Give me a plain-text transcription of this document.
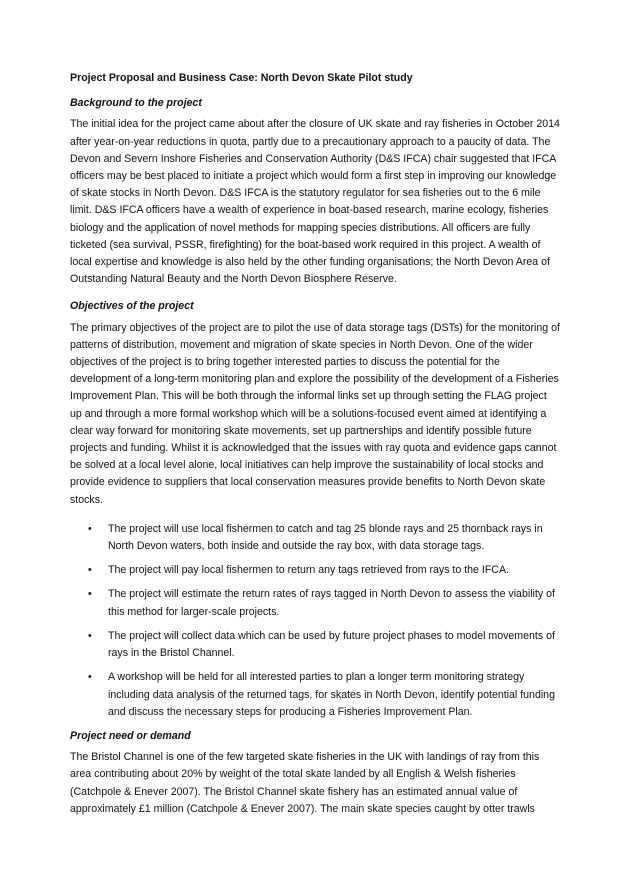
Project Proposal and Business Case: North Devon Skate Pilot study
Background to the project

The initial idea for the project came about after the closure of UK skate and ray fisheries in October 2014 after year-on-year reductions in quota, partly due to a precautionary approach to a paucity of data. The Devon and Severn Inshore Fisheries and Conservation Authority (D&S IFCA) chair suggested that IFCA officers may be best placed to initiate a project which would form a first step in improving our knowledge of skate stocks in North Devon. D&S IFCA is the statutory regulator for sea fisheries out to the 6 mile limit. D&S IFCA officers have a wealth of experience in boat-based research, marine ecology, fisheries biology and the application of novel methods for mapping species distributions. All officers are fully ticketed (sea survival, PSSR, firefighting) for the boat-based work required in this project. A wealth of local expertise and knowledge is also held by the other funding organisations; the North Devon Area of Outstanding Natural Beauty and the North Devon Biosphere Reserve.

Objectives of the project

The primary objectives of the project are to pilot the use of data storage tags (DSTs) for the monitoring of patterns of distribution, movement and migration of skate species in North Devon. One of the wider objectives of the project is to bring together interested parties to discuss the potential for the development of a long-term monitoring plan and explore the possibility of the development of a Fisheries Improvement Plan. This will be both through the informal links set up through setting the FLAG project up and through a more formal workshop which will be a solutions-focused event aimed at identifying a clear way forward for monitoring skate movements, set up partnerships and identify possible future projects and funding. Whilst it is acknowledged that the issues with ray quota and evidence gaps cannot be solved at a local level alone, local initiatives can help improve the sustainability of local stocks and provide evidence to suppliers that local conservation measures provide benefits to North Devon skate stocks.

• The project will use local fishermen to catch and tag 25 blonde rays and 25 thornback rays in North Devon waters, both inside and outside the ray box, with data storage tags.
• The project will pay local fishermen to return any tags retrieved from rays to the IFCA.
• The project will estimate the return rates of rays tagged in North Devon to assess the viability of this method for larger-scale projects.
• The project will collect data which can be used by future project phases to model movements of rays in the Bristol Channel.
• A workshop will be held for all interested parties to plan a longer term monitoring strategy including data analysis of the returned tags, for skates in North Devon, identify potential funding and discuss the necessary steps for producing a Fisheries Improvement Plan.
Project need or demand

The Bristol Channel is one of the few targeted skate fisheries in the UK with landings of ray from this area contributing about 20% by weight of the total skate landed by all English & Welsh fisheries (Catchpole & Enever 2007). The Bristol Channel skate fishery has an estimated annual value of approximately £1 million (Catchpole & Enever 2007). The main skate species caught by otter trawls
